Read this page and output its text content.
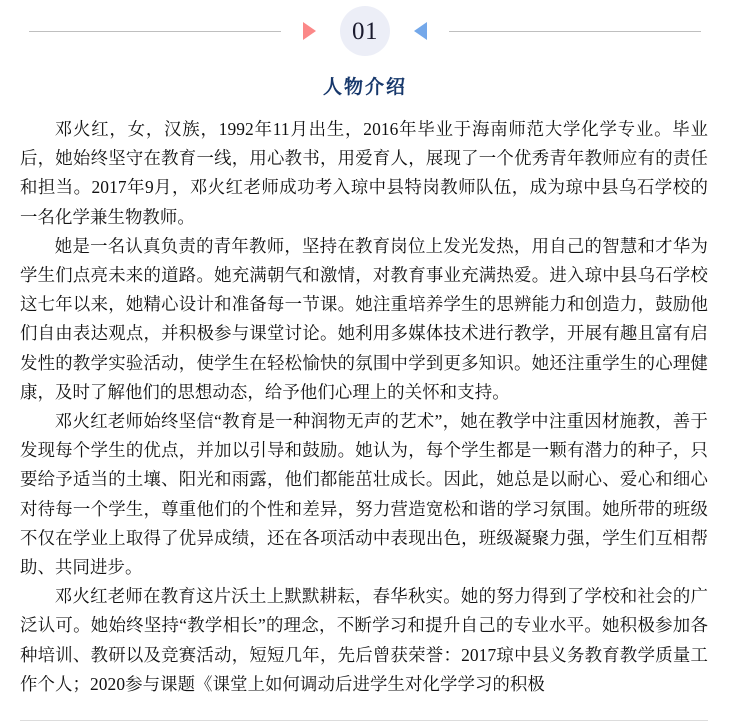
01
人物介绍

邓火红，女，汉族，1992年11月出生，2016年毕业于海南师范大学化学专业。毕业后，她始终坚守在教育一线，用心教书，用爱育人，展现了一个优秀青年教师应有的责任和担当。2017年9月，邓火红老师成功考入琼中县特岗教师队伍，成为琼中县乌石学校的一名化学兼生物教师。

她是一名认真负责的青年教师，坚持在教育岗位上发光发热，用自己的智慧和才华为学生们点亮未来的道路。她充满朝气和激情，对教育事业充满热爱。进入琼中县乌石学校这七年以来，她精心设计和准备每一节课。她注重培养学生的思辨能力和创造力，鼓励他们自由表达观点，并积极参与课堂讨论。她利用多媒体技术进行教学，开展有趣且富有启发性的教学实验活动，使学生在轻松愉快的氛围中学到更多知识。她还注重学生的心理健康，及时了解他们的思想动态，给予他们心理上的关怀和支持。

邓火红老师始终坚信“教育是一种润物无声的艺术”，她在教学中注重因材施教，善于发现每个学生的优点，并加以引导和鼓励。她认为，每个学生都是一颗有潜力的种子，只要给予适当的土壤、阳光和雨露，他们都能茁壮成长。因此，她总是以耐心、爱心和细心对待每一个学生，尊重他们的个性和差异，努力营造宽松和谐的学习氛围。她所带的班级不仅在学业上取得了优异成绩，还在各项活动中表现出色，班级凝聚力强，学生们互相帮助、共同进步。

邓火红老师在教育这片沃土上默默耕耘，春华秋实。她的努力得到了学校和社会的广泛认可。她始终坚持“教学相长”的理念，不断学习和提升自己的专业水平。她积极参加各种培训、教研以及竞赛活动，短短几年，先后曾获荣誉：2017琼中县义务教育教学质量工作个人；2020参与课题《课堂上如何调动后进学生对化学学习的积极
